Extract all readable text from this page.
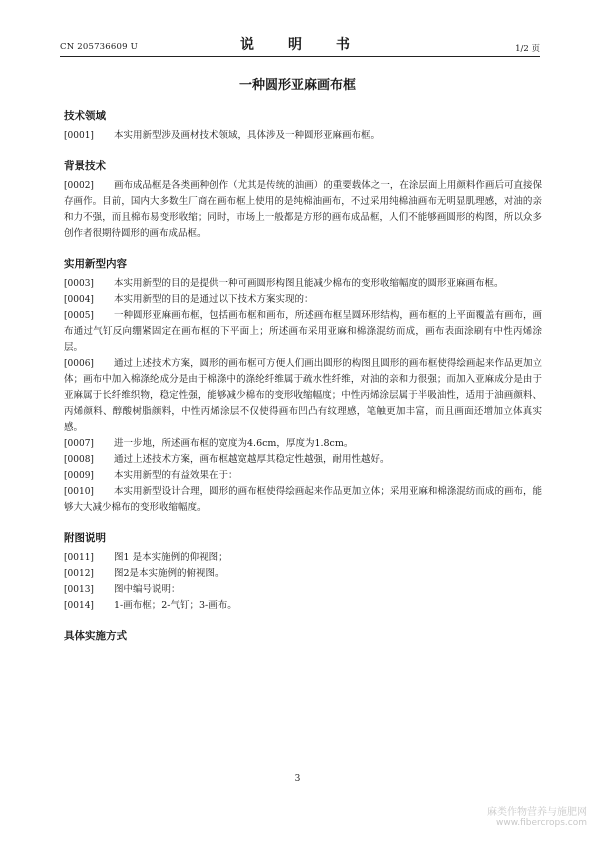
CN 205736609 U	说　明　书	1/2 页
一种圆形亚麻画布框
技术领域

[0001] 本实用新型涉及画材技术领域，具体涉及一种圆形亚麻画布框。

背景技术

[0002] 画布成品框是各类画种创作（尤其是传统的油画）的重要载体之一，在涂层面上用颜料作画后可直接保存画作。目前，国内大多数生厂商在画布框上使用的是纯棉油画布，不过采用纯棉油画布无明显肌理感，对油的亲和力不强，而且棉布易变形收缩；同时，市场上一般都是方形的画布成品框，人们不能够画圆形的构图，所以众多创作者很期待圆形的画布成品框。

实用新型内容

[0003] 本实用新型的目的是提供一种可画圆形构图且能减少棉布的变形收缩幅度的圆形亚麻画布框。

[0004] 本实用新型的目的是通过以下技术方案实现的：

[0005] 一种圆形亚麻画布框，包括画布框和画布，所述画布框呈圆环形结构，画布框的上平面覆盖有画布，画布通过气钉反向绷紧固定在画布框的下平面上；所述画布采用亚麻和棉涤混纺而成，画布表面涂刷有中性丙烯涂层。

[0006] 通过上述技术方案，圆形的画布框可方便人们画出圆形的构图且圆形的画布框使得绘画起来作品更加立体；画布中加入棉涤纶成分是由于棉涤中的涤纶纤维属于疏水性纤维，对油的亲和力很强；而加入亚麻成分是由于亚麻属于长纤维织物，稳定性强，能够减少棉布的变形收缩幅度；中性丙烯涂层属于半吸油性，适用于油画颜料、丙烯颜料、醇酸树脂颜料，中性丙烯涂层不仅使得画布凹凸有纹理感，笔触更加丰富，而且画面还增加立体真实感。

[0007] 进一步地，所述画布框的宽度为4.6cm，厚度为1.8cm。

[0008] 通过上述技术方案，画布框越宽越厚其稳定性越强，耐用性越好。

[0009] 本实用新型的有益效果在于：

[0010] 本实用新型设计合理，圆形的画布框使得绘画起来作品更加立体；采用亚麻和棉涤混纺而成的画布，能够大大减少棉布的变形收缩幅度。

附图说明

[0011] 图1 是本实施例的仰视图；

[0012] 图2是本实施例的俯视图。

[0013] 图中编号说明：

[0014] 1-画布框；2-气钉；3-画布。

具体实施方式
3
麻类作物营养与施肥网
www.fibercrops.com
